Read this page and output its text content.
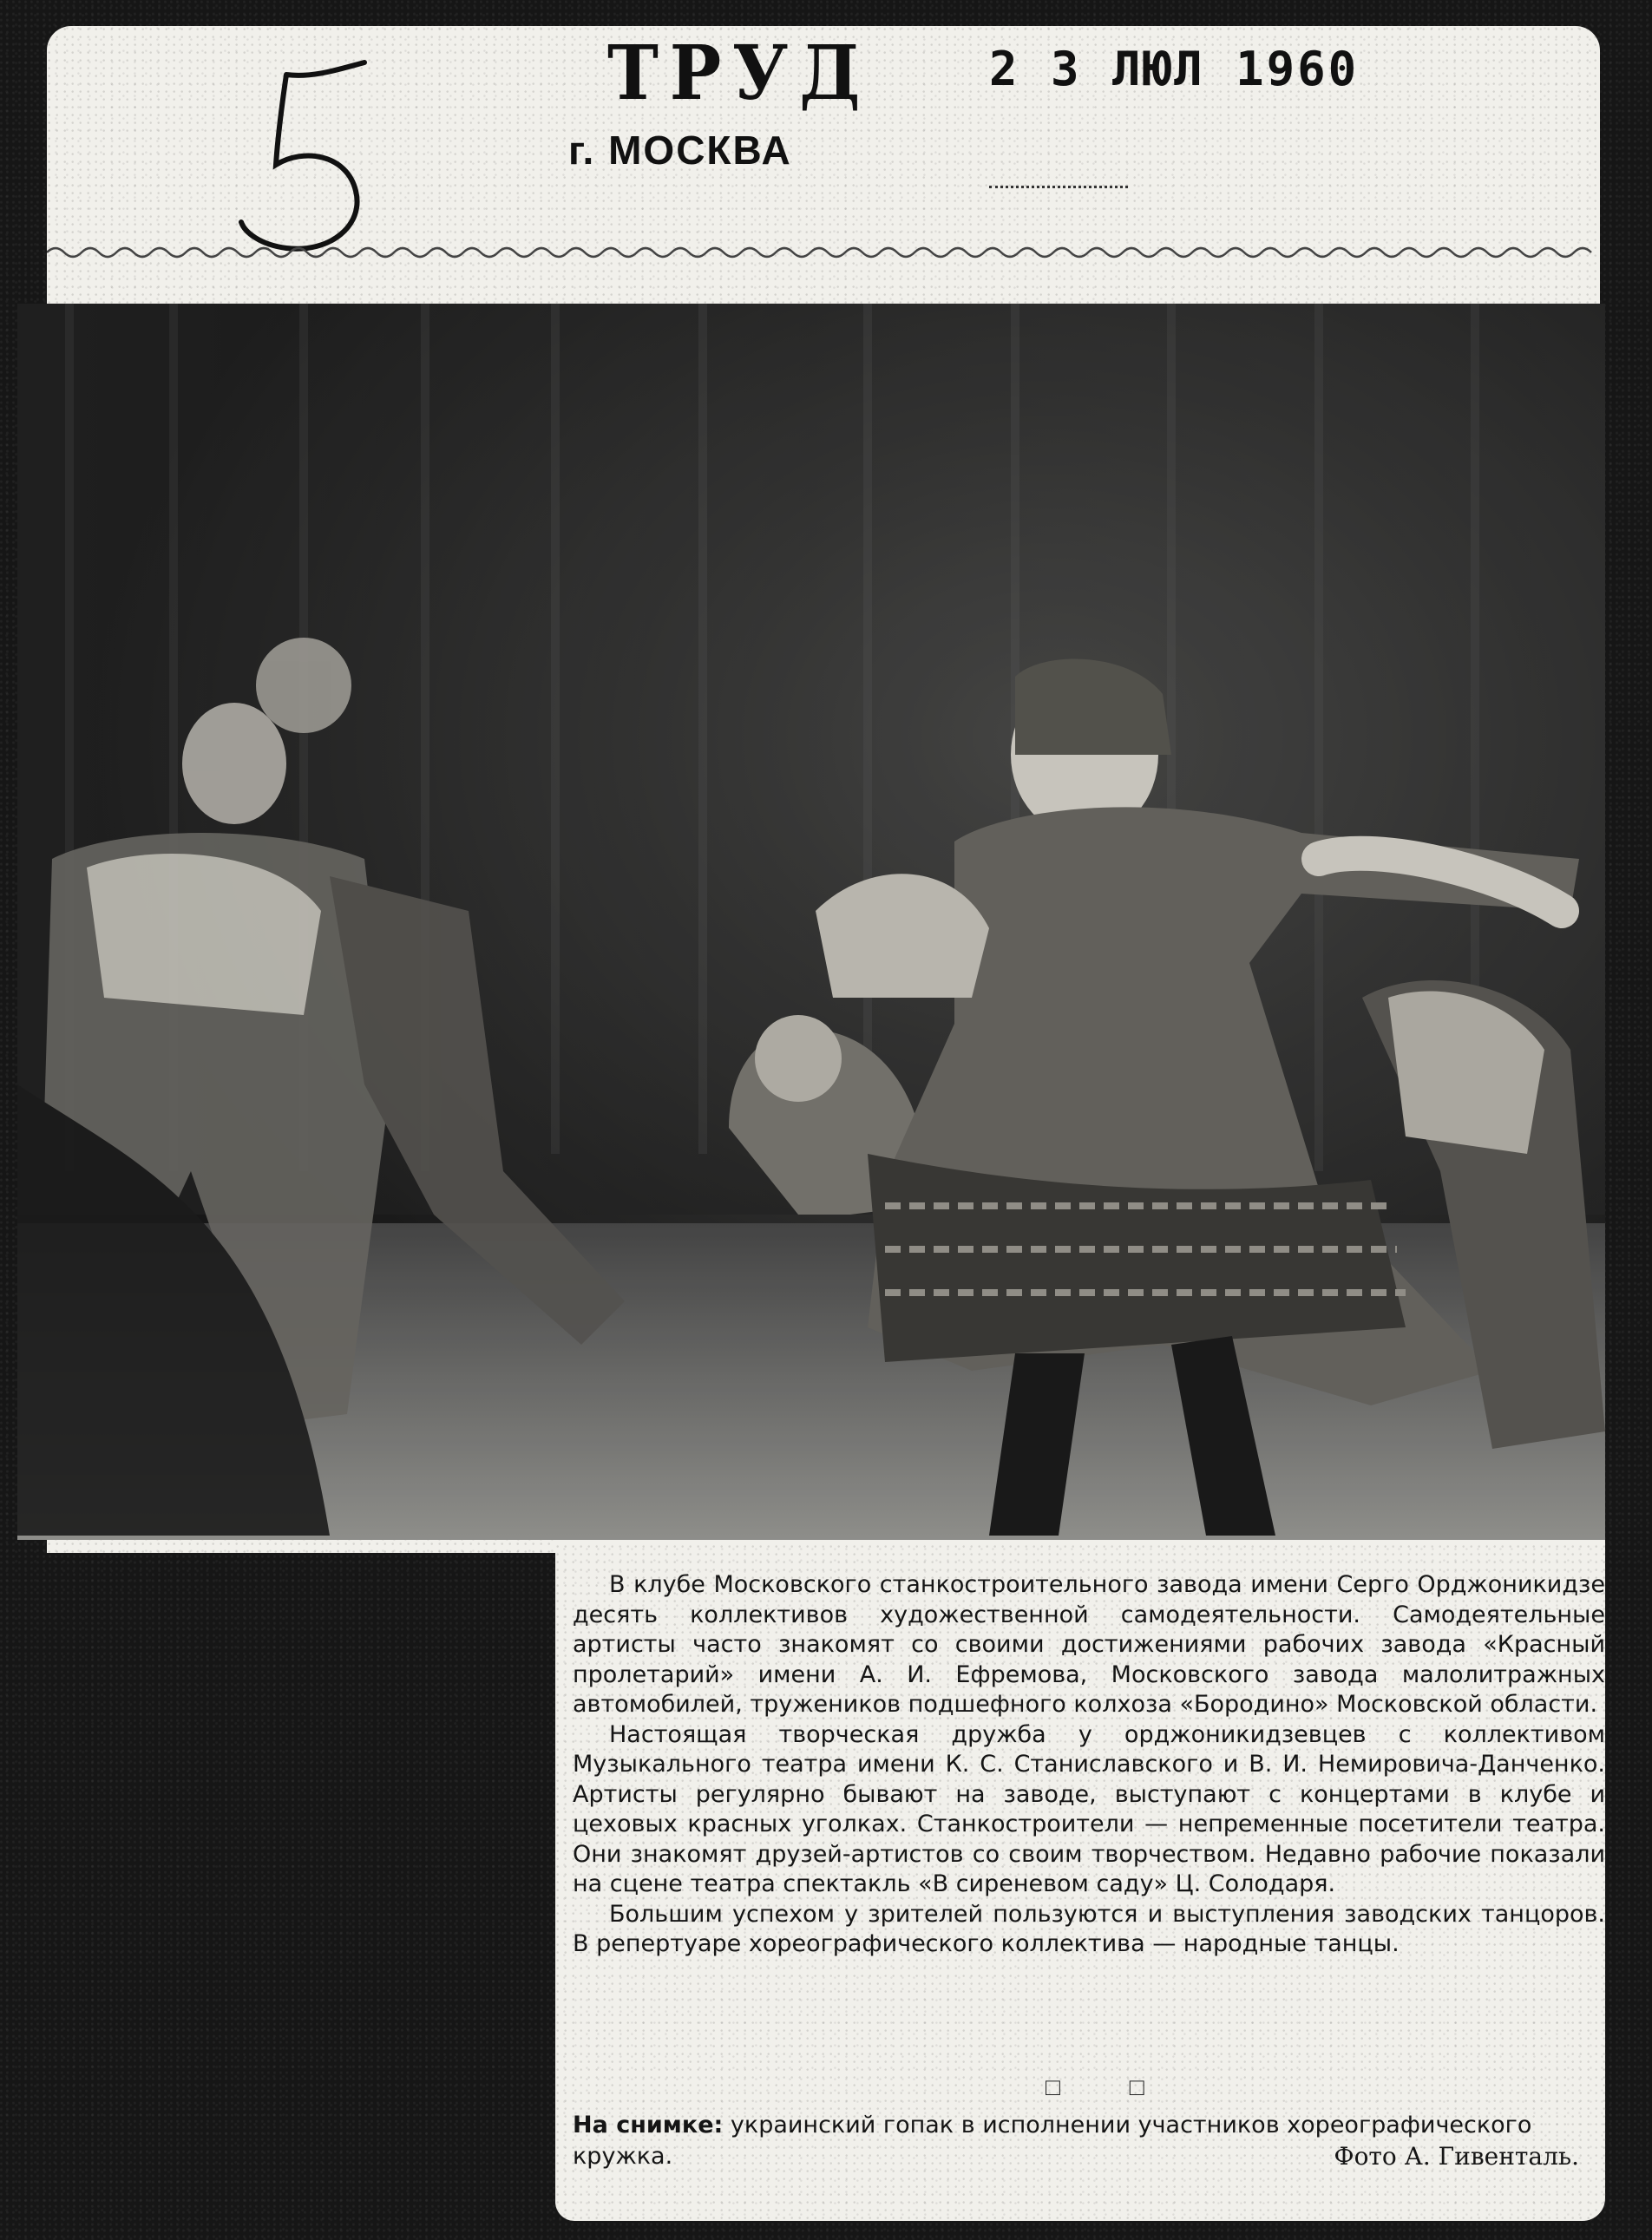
ТРУД
г. МОСКВА
2 3 ЛЮЛ 1960

В клубе Московского станкостроительного завода имени Серго Орджоникидзе десять коллективов художественной самодеятельности. Самодеятельные артисты часто знакомят со своими достижениями рабочих завода «Красный пролетарий» имени А. И. Ефремова, Московского завода малолитражных автомобилей, тружеников подшефного колхоза «Бородино» Московской области.

Настоящая творческая дружба у орджоникидзевцев с коллективом Музыкального театра имени К. С. Станиславского и В. И. Немировича-Данченко. Артисты регулярно бывают на заводе, выступают с концертами в клубе и цеховых красных уголках. Станкостроители — непременные посетители театра. Они знакомят друзей-артистов со своим творчеством. Недавно рабочие показали на сцене театра спектакль «В сиреневом саду» Ц. Солодаря.

Большим успехом у зрителей пользуются и выступления заводских танцоров. В репертуаре хореографического коллектива — народные танцы.

□ □
На снимке: украинский гопак в исполнении участников хореографического кружка.	Фото А. Гивенталь.
